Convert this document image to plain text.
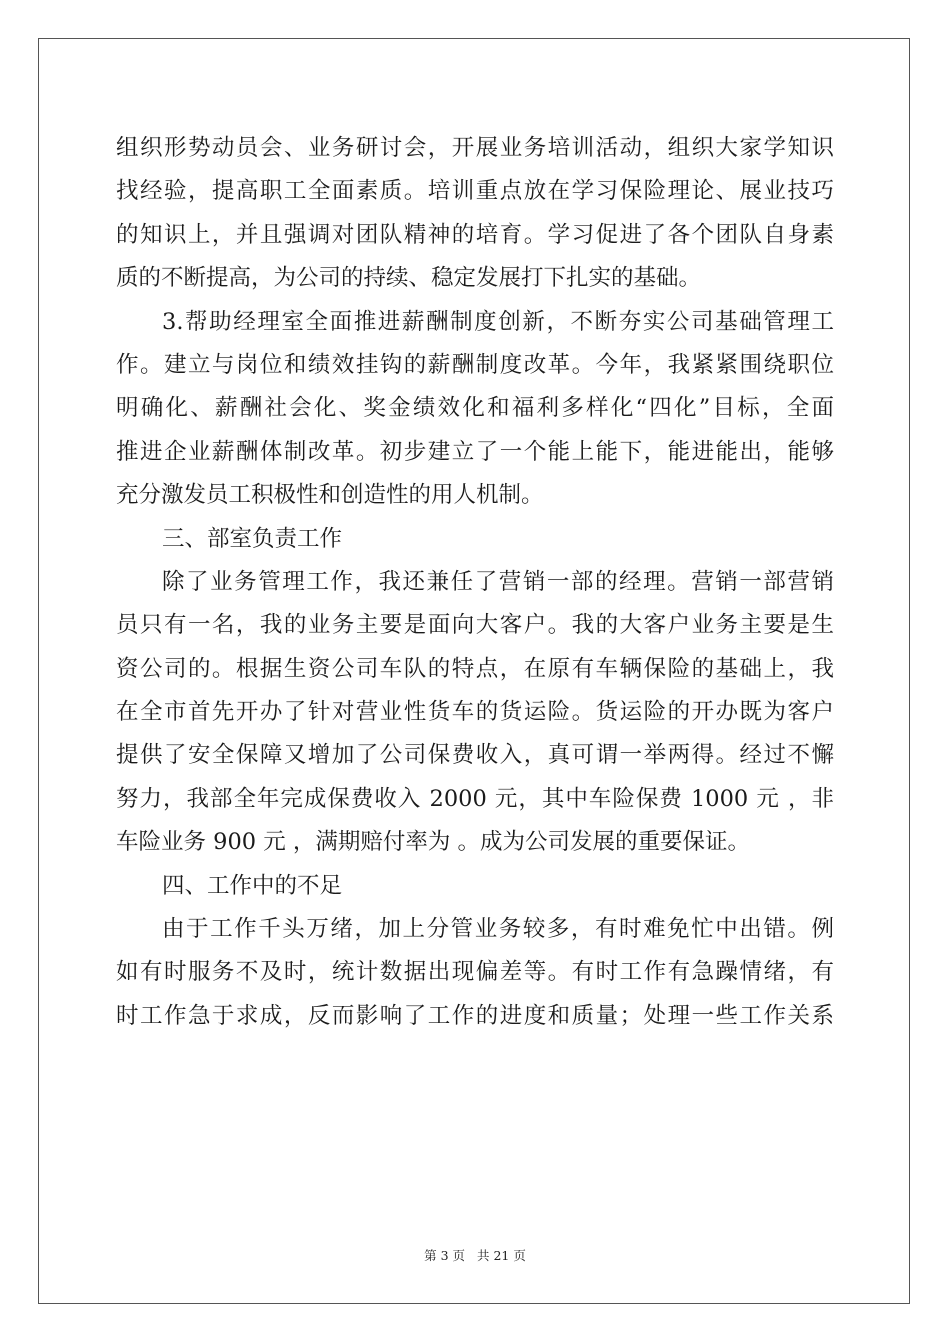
组织形势动员会、业务研讨会，开展业务培训活动，组织大家学知识
找经验，提高职工全面素质。培训重点放在学习保险理论、展业技巧
的知识上，并且强调对团队精神的培育。学习促进了各个团队自身素
质的不断提高，为公司的持续、稳定发展打下扎实的基础。
3.帮助经理室全面推进薪酬制度创新，不断夯实公司基础管理工
作。建立与岗位和绩效挂钩的薪酬制度改革。今年，我紧紧围绕职位
明确化、薪酬社会化、奖金绩效化和福利多样化“四化”目标，全面
推进企业薪酬体制改革。初步建立了一个能上能下，能进能出，能够
充分激发员工积极性和创造性的用人机制。
三、部室负责工作
除了业务管理工作，我还兼任了营销一部的经理。营销一部营销
员只有一名，我的业务主要是面向大客户。我的大客户业务主要是生
资公司的。根据生资公司车队的特点，在原有车辆保险的基础上，我
在全市首先开办了针对营业性货车的货运险。货运险的开办既为客户
提供了安全保障又增加了公司保费收入，真可谓一举两得。经过不懈
努力，我部全年完成保费收入 2000 元，其中车险保费 1000 元 ，非
车险业务 900 元 ，满期赔付率为 。成为公司发展的重要保证。
四、工作中的不足
由于工作千头万绪，加上分管业务较多，有时难免忙中出错。例
如有时服务不及时，统计数据出现偏差等。有时工作有急躁情绪，有
时工作急于求成，反而影响了工作的进度和质量；处理一些工作关系
第 3 页   共 21 页
